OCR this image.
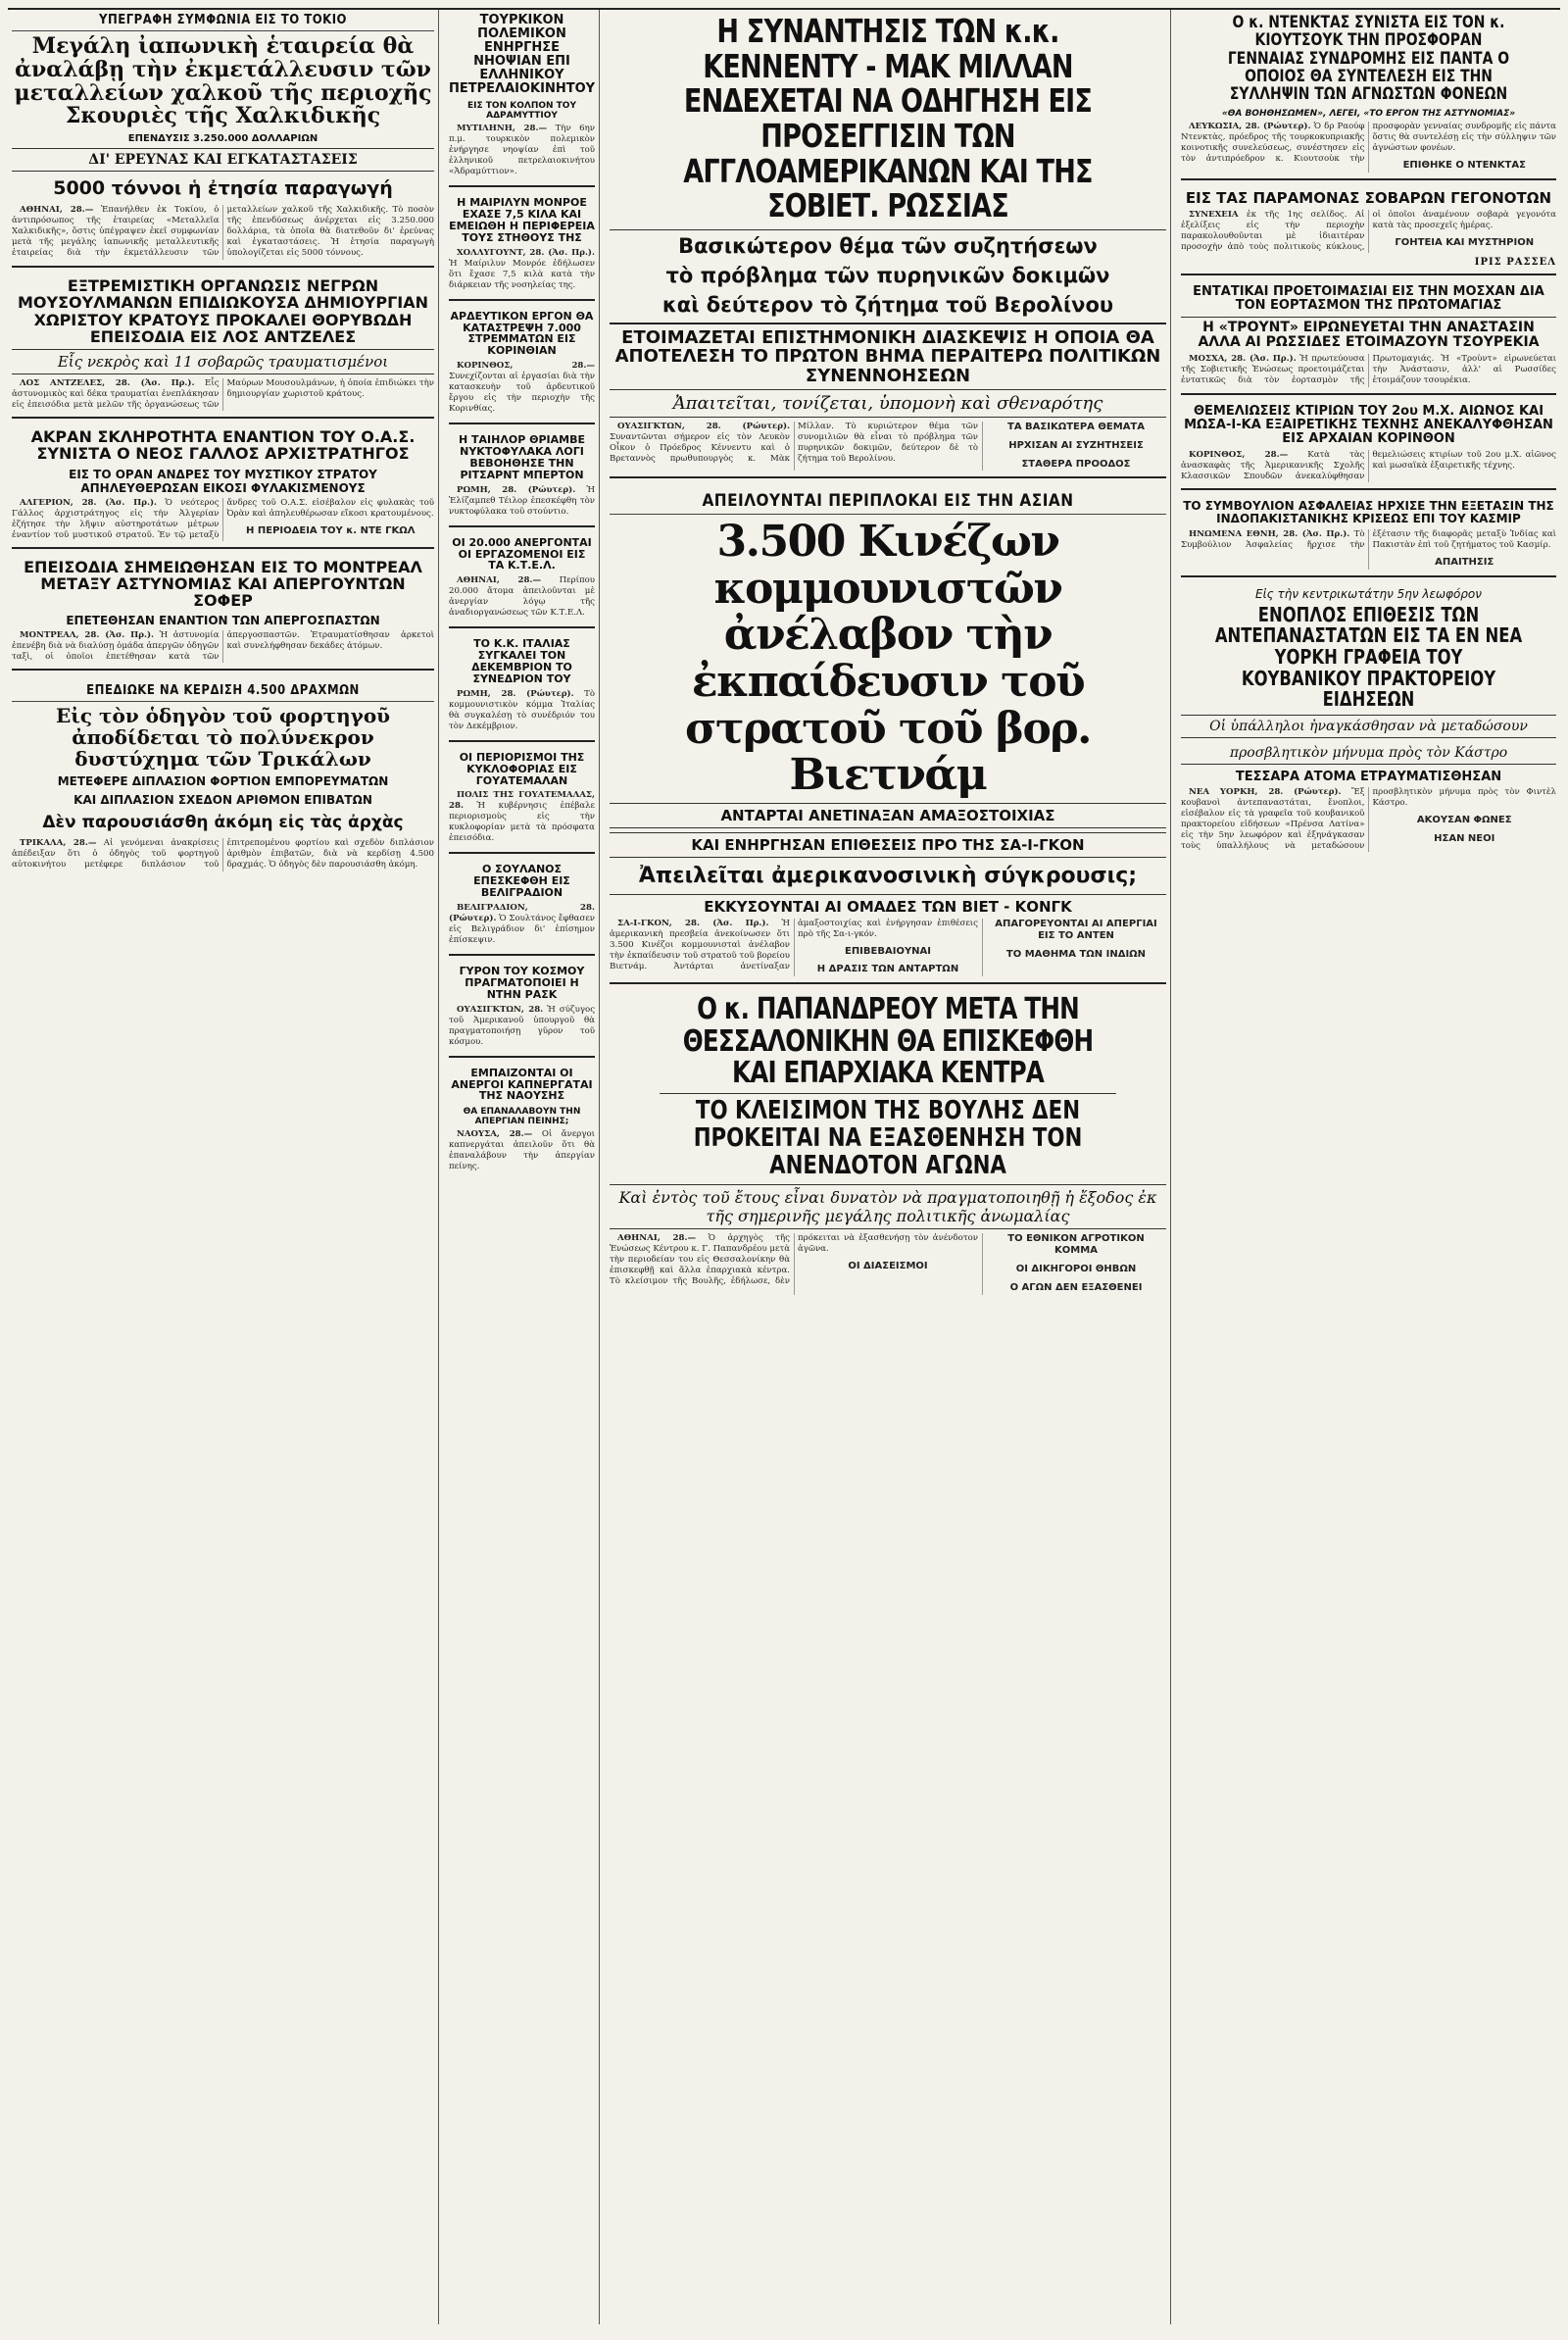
ΥΠΕΓΡΑΦΗ ΣΥΜΦΩΝΙΑ ΕΙΣ ΤΟ ΤΟΚΙΟ
Μεγάλη ἰαπωνικὴ ἑταιρεία θὰ ἀναλάβῃ τὴν ἐκμετάλλευσιν τῶν μεταλλείων χαλκοῦ τῆς περιοχῆς Σκουριὲς τῆς Χαλκιδικῆς
ΕΠΕΝΔΥΣΙΣ 3.250.000 ΔΟΛΛΑΡΙΩΝ
ΔΙ' ΕΡΕΥΝΑΣ ΚΑΙ ΕΓΚΑΤΑΣΤΑΣΕΙΣ
5000 τόννοι ἡ ἐτησία παραγωγή

ΑΘΗΝΑΙ, 28.— Ἐπανήλθεν ἐκ Τοκίου, ὁ ἀντιπρόσωπος τῆς ἑταιρείας «Μεταλλεῖα Χαλκιδικῆς», ὅστις ὑπέγραψεν ἐκεῖ συμφωνίαν μετὰ τῆς μεγάλης ἰαπωνικῆς μεταλλευτικῆς ἑταιρείας διὰ τὴν ἐκμετάλλευσιν τῶν μεταλλείων χαλκοῦ τῆς Χαλκιδικῆς. Τὸ ποσὸν τῆς ἐπενδύσεως ἀνέρχεται εἰς 3.250.000 δολλάρια, τὰ ὁποῖα θὰ διατεθοῦν δι' ἐρεύνας καὶ ἐγκαταστάσεις. Ἡ ἐτησία παραγωγὴ ὑπολογίζεται εἰς 5000 τόννους.

ΕΞΤΡΕΜΙΣΤΙΚΗ ΟΡΓΑΝΩΣΙΣ ΝΕΓΡΩΝ ΜΟΥΣΟΥΛΜΑΝΩΝ ΕΠΙΔΙΩΚΟΥΣΑ ΔΗΜΙΟΥΡΓΙΑΝ ΧΩΡΙΣΤΟΥ ΚΡΑΤΟΥΣ ΠΡΟΚΑΛΕΙ ΘΟΡΥΒΩΔΗ ΕΠΕΙΣΟΔΙΑ ΕΙΣ ΛΟΣ ΑΝΤΖΕΛΕΣ
Εἷς νεκρὸς καὶ 11 σοβαρῶς τραυματισμένοι

ΛΟΣ ΑΝΤΖΕΛΕΣ, 28. (Ἀσ. Πρ.). Εἷς ἀστυνομικὸς καὶ δέκα τραυματίαι ἐνεπλάκησαν εἰς ἐπεισόδια μετὰ μελῶν τῆς ὀργανώσεως τῶν Μαύρων Μουσουλμάνων, ἡ ὁποία ἐπιδιώκει τὴν δημιουργίαν χωριστοῦ κράτους.

ΑΚΡΑΝ ΣΚΛΗΡΟΤΗΤΑ ΕΝΑΝΤΙΟΝ ΤΟΥ Ο.Α.Σ. ΣΥΝΙΣΤΑ Ο ΝΕΟΣ ΓΑΛΛΟΣ ΑΡΧΙΣΤΡΑΤΗΓΟΣ
ΕΙΣ ΤΟ ΟΡΑΝ ΑΝΔΡΕΣ ΤΟΥ ΜΥΣΤΙΚΟΥ ΣΤΡΑΤΟΥ ΑΠΗΛΕΥΘΕΡΩΣΑΝ ΕΙΚΟΣΙ ΦΥΛΑΚΙΣΜΕΝΟΥΣ

ΑΛΓΕΡΙΟΝ, 28. (Ἀσ. Πρ.). Ὁ νεότερος Γάλλος ἀρχιστράτηγος εἰς τὴν Ἀλγερίαν ἐζήτησε τὴν λῆψιν αὐστηροτάτων μέτρων ἐναντίον τοῦ μυστικοῦ στρατοῦ. Ἐν τῷ μεταξὺ ἄνδρες τοῦ Ο.Α.Σ. εἰσέβαλον εἰς φυλακὰς τοῦ Ὀρὰν καὶ ἀπηλευθέρωσαν εἴκοσι κρατουμένους.

Η ΠΕΡΙΟΔΕΙΑ ΤΟΥ κ. ΝΤΕ ΓΚΩΛ
ΕΠΕΙΣΟΔΙΑ ΣΗΜΕΙΩΘΗΣΑΝ ΕΙΣ ΤΟ ΜΟΝΤΡΕΑΛ ΜΕΤΑΞΥ ΑΣΤΥΝΟΜΙΑΣ ΚΑΙ ΑΠΕΡΓΟΥΝΤΩΝ ΣΟΦΕΡ
ΕΠΕΤΕΘΗΣΑΝ ΕΝΑΝΤΙΟΝ ΤΩΝ ΑΠΕΡΓΟΣΠΑΣΤΩΝ

ΜΟΝΤΡΕΑΛ, 28. (Ἀσ. Πρ.). Ἡ ἀστυνομία ἐπενέβη διὰ νὰ διαλύσῃ ὁμάδα ἀπεργῶν ὁδηγῶν ταξὶ, οἱ ὁποῖοι ἐπετέθησαν κατὰ τῶν ἀπεργοσπαστῶν. Ἐτραυματίσθησαν ἀρκετοὶ καὶ συνελήφθησαν δεκάδες ἀτόμων.

ΕΠΕΔΙΩΚΕ ΝΑ ΚΕΡΔΙΣΗ 4.500 ΔΡΑΧΜΩΝ
Εἰς τὸν ὁδηγὸν τοῦ φορτηγοῦ ἀποδίδεται τὸ πολύνεκρον δυστύχημα τῶν Τρικάλων
ΜΕΤΕΦΕΡΕ ΔΙΠΛΑΣΙΟΝ ΦΟΡΤΙΟΝ ΕΜΠΟΡΕΥΜΑΤΩΝ
ΚΑΙ ΔΙΠΛΑΣΙΟΝ ΣΧΕΔΟΝ ΑΡΙΘΜΟΝ ΕΠΙΒΑΤΩΝ
Δὲν παρουσιάσθη ἀκόμη εἰς τὰς ἀρχὰς

ΤΡΙΚΑΛΑ, 28.— Αἱ γενόμεναι ἀνακρίσεις ἀπέδειξαν ὅτι ὁ ὁδηγὸς τοῦ φορτηγοῦ αὐτοκινήτου μετέφερε διπλάσιον τοῦ ἐπιτρεπομένου φορτίου καὶ σχεδὸν διπλάσιον ἀριθμὸν ἐπιβατῶν, διὰ νὰ κερδίσῃ 4.500 δραχμάς. Ὁ ὁδηγὸς δὲν παρουσιάσθη ἀκόμη.

ΤΟΥΡΚΙΚΟΝ ΠΟΛΕΜΙΚΟΝ ΕΝΗΡΓΗΣΕ ΝΗΟΨΙΑΝ ΕΠΙ ΕΛΛΗΝΙΚΟΥ ΠΕΤΡΕΛΑΙΟΚΙΝΗΤΟΥ
ΕΙΣ ΤΟΝ ΚΟΛΠΟΝ ΤΟΥ ΑΔΡΑΜΥΤΤΙΟΥ

ΜΥΤΙΛΗΝΗ, 28.— Τὴν 6ην π.μ. τουρκικὸν πολεμικὸν ἐνήργησε νηοψίαν ἐπὶ τοῦ ἑλληνικοῦ πετρελαιοκινήτου «Ἀδραμύττιον».

Η ΜΑΙΡΙΛΥΝ ΜΟΝΡΟΕ ΕΧΑΣΕ 7,5 ΚΙΛΑ ΚΑΙ ΕΜΕΙΩΘΗ Η ΠΕΡΙΦΕΡΕΙΑ ΤΟΥΣ ΣΤΗΘΟΥΣ ΤΗΣ

ΧΟΛΛΥΓΟΥΝΤ, 28. (Ἀσ. Πρ.). Ἡ Μαίριλυν Μονρόε ἐδήλωσεν ὅτι ἔχασε 7,5 κιλὰ κατὰ τὴν διάρκειαν τῆς νοσηλείας της.

ΑΡΔΕΥΤΙΚΟΝ ΕΡΓΟΝ ΘΑ ΚΑΤΑΣΤΡΕΨΗ 7.000 ΣΤΡΕΜΜΑΤΩΝ ΕΙΣ ΚΟΡΙΝΘΙΑΝ

ΚΟΡΙΝΘΟΣ, 28.— Συνεχίζονται αἱ ἐργασίαι διὰ τὴν κατασκευὴν τοῦ ἀρδευτικοῦ ἔργου εἰς τὴν περιοχὴν τῆς Κορινθίας.

Η ΤΑΙΗΛΟΡ ΘΡΙΑΜΒΕ ΝΥΚΤΟΦΥΛΑΚΑ ΛΟΓΙ ΒΕΒΟΗΘΗΣΕ ΤΗΝ ΡΙΤΣΑΡΝΤ ΜΠΕΡΤΟΝ

ΡΩΜΗ, 28. (Ρώυτερ). Ἡ Ἐλίζαμπεθ Τέιλορ ἐπεσκέφθη τὸν νυκτοφύλακα τοῦ στούντιο.

ΟΙ 20.000 ΑΝΕΡΓΟΝΤΑΙ ΟΙ ΕΡΓΑΖΟΜΕΝΟΙ ΕΙΣ ΤΑ Κ.Τ.Ε.Λ.

ΑΘΗΝΑΙ, 28.— Περίπου 20.000 ἄτομα ἀπειλοῦνται μὲ ἀνεργίαν λόγῳ τῆς ἀναδιοργανώσεως τῶν Κ.Τ.Ε.Λ.

ΤΟ Κ.Κ. ΙΤΑΛΙΑΣ ΣΥΓΚΑΛΕΙ ΤΟΝ ΔΕΚΕΜΒΡΙΟΝ ΤΟ ΣΥΝΕΔΡΙΟΝ ΤΟΥ

ΡΩΜΗ, 28. (Ρώυτερ). Τὸ κομμουνιστικὸν κόμμα Ἰταλίας θὰ συγκαλέσῃ τὸ συνέδριόν του τὸν Δεκέμβριον.

ΟΙ ΠΕΡΙΟΡΙΣΜΟΙ ΤΗΣ ΚΥΚΛΟΦΟΡΙΑΣ ΕΙΣ ΓΟΥΑΤΕΜΑΛΑΝ

ΠΟΛΙΣ ΤΗΣ ΓΟΥΑΤΕΜΑΛΑΣ, 28. Ἡ κυβέρνησις ἐπέβαλε περιορισμοὺς εἰς τὴν κυκλοφορίαν μετὰ τὰ πρόσφατα ἐπεισόδια.

Ο ΣΟΥΛΑΝΟΣ ΕΠΕΣΚΕΦΘΗ ΕΙΣ ΒΕΛΙΓΡΑΔΙΟΝ

ΒΕΛΙΓΡΑΔΙΟΝ, 28. (Ρώυτερ). Ὁ Σουλτάνος ἔφθασεν εἰς Βελιγράδιον δι' ἐπίσημον ἐπίσκεψιν.

ΓΥΡΟΝ ΤΟΥ ΚΟΣΜΟΥ ΠΡΑΓΜΑΤΟΠΟΙΕΙ Η ΝΤΗΝ ΡΑΣΚ

ΟΥΑΣΙΓΚΤΩΝ, 28. Ἡ σύζυγος τοῦ Ἀμερικανοῦ ὑπουργοῦ θὰ πραγματοποιήσῃ γῦρον τοῦ κόσμου.

ΕΜΠΑΙΖΟΝΤΑΙ ΟΙ ΑΝΕΡΓΟΙ ΚΑΠΝΕΡΓΑΤΑΙ ΤΗΣ ΝΑΟΥΣΗΣ
ΘΑ ΕΠΑΝΑΛΑΒΟΥΝ ΤΗΝ ΑΠΕΡΓΙΑΝ ΠΕΙΝΗΣ;

ΝΑΟΥΣΑ, 28.— Οἱ ἄνεργοι καπνεργάται ἀπειλοῦν ὅτι θὰ ἐπαναλάβουν τὴν ἀπεργίαν πείνης.

Η ΣΥΝΑΝΤΗΣΙΣ ΤΩΝ κ.κ. ΚΕΝΝΕΝΤΥ - ΜΑΚ ΜΙΛΛΑΝ ΕΝΔΕΧΕΤΑΙ ΝΑ ΟΔΗΓΗΣΗ ΕΙΣ ΠΡΟΣΕΓΓΙΣΙΝ ΤΩΝ ΑΓΓΛΟΑΜΕΡΙΚΑΝΩΝ ΚΑΙ ΤΗΣ ΣΟΒΙΕΤ. ΡΩΣΣΙΑΣ
Βασικώτερον θέμα τῶν συζητήσεων
τὸ πρόβλημα τῶν πυρηνικῶν δοκιμῶν
καὶ δεύτερον τὸ ζήτημα τοῦ Βερολίνου
ΕΤΟΙΜΑΖΕΤΑΙ ΕΠΙΣΤΗΜΟΝΙΚΗ ΔΙΑΣΚΕΨΙΣ Η ΟΠΟΙΑ ΘΑ ΑΠΟΤΕΛΕΣΗ ΤΟ ΠΡΩΤΟΝ ΒΗΜΑ ΠΕΡΑΙΤΕΡΩ ΠΟΛΙΤΙΚΩΝ ΣΥΝΕΝΝΟΗΣΕΩΝ
Ἀπαιτεῖται, τονίζεται, ὑπομονὴ καὶ σθεναρότης

ΟΥΑΣΙΓΚΤΩΝ, 28. (Ρώυτερ). Συναντῶνται σήμερον εἰς τὸν Λευκὸν Οἶκον ὁ Πρόεδρος Κέννεντυ καὶ ὁ Βρεταννὸς πρωθυπουργὸς κ. Μὰκ Μίλλαν. Τὸ κυριώτερον θέμα τῶν συνομιλιῶν θὰ εἶναι τὸ πρόβλημα τῶν πυρηνικῶν δοκιμῶν, δεύτερον δὲ τὸ ζήτημα τοῦ Βερολίνου.

ΤΑ ΒΑΣΙΚΩΤΕΡΑ ΘΕΜΑΤΑ
ΗΡΧΙΣΑΝ ΑΙ ΣΥΖΗΤΗΣΕΙΣ
ΣΤΑΘΕΡΑ ΠΡΟΟΔΟΣ
ΑΠΕΙΛΟΥΝΤΑΙ ΠΕΡΙΠΛΟΚΑΙ ΕΙΣ ΤΗΝ ΑΣΙΑΝ
3.500 Κινέζων κομμουνιστῶν ἀνέλαβον τὴν ἐκπαίδευσιν τοῦ στρατοῦ τοῦ βορ. Βιετνάμ
ΑΝΤΑΡΤΑΙ ΑΝΕΤΙΝΑΞΑΝ ΑΜΑΞΟΣΤΟΙΧΙΑΣ
ΚΑΙ ΕΝΗΡΓΗΣΑΝ ΕΠΙΘΕΣΕΙΣ ΠΡΟ ΤΗΣ ΣΑ-Ι-ΓΚΟΝ
Ἀπειλεῖται ἀμερικανοσινικὴ σύγκρουσις;
ΕΚΚΥΣΟΥΝΤΑΙ ΑΙ ΟΜΑΔΕΣ ΤΩΝ ΒΙΕΤ - ΚΟΝΓΚ

ΣΑ-Ι-ΓΚΟΝ, 28. (Ἀσ. Πρ.). Ἡ ἀμερικανικὴ πρεσβεία ἀνεκοίνωσεν ὅτι 3.500 Κινέζοι κομμουνισταὶ ἀνέλαβον τὴν ἐκπαίδευσιν τοῦ στρατοῦ τοῦ βορείου Βιετνάμ. Ἀντάρται ἀνετίναξαν ἀμαξοστοιχίας καὶ ἐνήργησαν ἐπιθέσεις πρὸ τῆς Σα-ι-γκόν.

ΕΠΙΒΕΒΑΙΟΥΝΑΙ
Η ΔΡΑΣΙΣ ΤΩΝ ΑΝΤΑΡΤΩΝ
ΑΠΑΓΟΡΕΥΟΝΤΑΙ ΑΙ ΑΠΕΡΓΙΑΙ ΕΙΣ ΤΟ ΑΝΤΕΝ
ΤΟ ΜΑΘΗΜΑ ΤΩΝ ΙΝΔΙΩΝ
Ο κ. ΠΑΠΑΝΔΡΕΟΥ ΜΕΤΑ ΤΗΝ ΘΕΣΣΑΛΟΝΙΚΗΝ ΘΑ ΕΠΙΣΚΕΦΘΗ ΚΑΙ ΕΠΑΡΧΙΑΚΑ ΚΕΝΤΡΑ
ΤΟ ΚΛΕΙΣΙΜΟΝ ΤΗΣ ΒΟΥΛΗΣ ΔΕΝ ΠΡΟΚΕΙΤΑΙ ΝΑ ΕΞΑΣΘΕΝΗΣΗ ΤΟΝ ΑΝΕΝΔΟΤΟΝ ΑΓΩΝΑ
Καὶ ἐντὸς τοῦ ἔτους εἶναι δυνατὸν νὰ πραγματοποιηθῇ ἡ ἔξοδος ἐκ τῆς σημερινῆς μεγάλης πολιτικῆς ἀνωμαλίας

ΑΘΗΝΑΙ, 28.— Ὁ ἀρχηγὸς τῆς Ἑνώσεως Κέντρου κ. Γ. Παπανδρέου μετὰ τὴν περιοδείαν του εἰς Θεσσαλονίκην θὰ ἐπισκεφθῇ καὶ ἄλλα ἐπαρχιακὰ κέντρα. Τὸ κλείσιμον τῆς Βουλῆς, ἐδήλωσε, δὲν πρόκειται νὰ ἐξασθενήσῃ τὸν ἀνένδοτον ἀγῶνα.

ΟΙ ΔΙΑΣΕΙΣΜΟΙ
ΤΟ ΕΘΝΙΚΟΝ ΑΓΡΟΤΙΚΟΝ ΚΟΜΜΑ
ΟΙ ΔΙΚΗΓΟΡΟΙ ΘΗΒΩΝ
Ο ΑΓΩΝ ΔΕΝ ΕΞΑΣΘΕΝΕΙ
Ο κ. ΝΤΕΝΚΤΑΣ ΣΥΝΙΣΤΑ ΕΙΣ ΤΟΝ κ. ΚΙΟΥΤΣΟΥΚ ΤΗΝ ΠΡΟΣΦΟΡΑΝ ΓΕΝΝΑΙΑΣ ΣΥΝΔΡΟΜΗΣ ΕΙΣ ΠΑΝΤΑ Ο ΟΠΟΙΟΣ ΘΑ ΣΥΝΤΕΛΕΣΗ ΕΙΣ ΤΗΝ ΣΥΛΛΗΨΙΝ ΤΩΝ ΑΓΝΩΣΤΩΝ ΦΟΝΕΩΝ
«ΘΑ ΒΟΗΘΗΣΩΜΕΝ», ΛΕΓΕΙ, «ΤΟ ΕΡΓΟΝ ΤΗΣ ΑΣΤΥΝΟΜΙΑΣ»

ΛΕΥΚΩΣΙΑ, 28. (Ρώυτερ). Ὁ δρ Ραούφ Ντενκτὰς, πρόεδρος τῆς τουρκοκυπριακῆς κοινοτικῆς συνελεύσεως, συνέστησεν εἰς τὸν ἀντιπρόεδρον κ. Κιουτσοὺκ τὴν προσφορὰν γενναίας συνδρομῆς εἰς πάντα ὅστις θὰ συντελέσῃ εἰς τὴν σύλληψιν τῶν ἀγνώστων φονέων.

ΕΠΙΘΗΚΕ Ο ΝΤΕΝΚΤΑΣ
ΕΙΣ ΤΑΣ ΠΑΡΑΜΟΝΑΣ ΣΟΒΑΡΩΝ ΓΕΓΟΝΟΤΩΝ

ΣΥΝΕΧΕΙΑ ἐκ τῆς 1ης σελίδος. Αἱ ἐξελίξεις εἰς τὴν περιοχὴν παρακολουθοῦνται μὲ ἰδιαιτέραν προσοχὴν ἀπὸ τοὺς πολιτικοὺς κύκλους, οἱ ὁποῖοι ἀναμένουν σοβαρὰ γεγονότα κατὰ τὰς προσεχεῖς ἡμέρας.

ΓΟΗΤΕΙΑ ΚΑΙ ΜΥΣΤΗΡΙΟΝ
ΙΡΙΣ ΡΑΣΣΕΛ
ΕΝΤΑΤΙΚΑΙ ΠΡΟΕΤΟΙΜΑΣΙΑΙ ΕΙΣ ΤΗΝ ΜΟΣΧΑΝ ΔΙΑ ΤΟΝ ΕΟΡΤΑΣΜΟΝ ΤΗΣ ΠΡΩΤΟΜΑΓΙΑΣ
Η «ΤΡΟΥΝΤ» ΕΙΡΩΝΕΥΕΤΑΙ ΤΗΝ ΑΝΑΣΤΑΣΙΝ ΑΛΛΑ ΑΙ ΡΩΣΣΙΔΕΣ ΕΤΟΙΜΑΖΟΥΝ ΤΣΟΥΡΕΚΙΑ

ΜΟΣΧΑ, 28. (Ἀσ. Πρ.). Ἡ πρωτεύουσα τῆς Σοβιετικῆς Ἑνώσεως προετοιμάζεται ἐντατικῶς διὰ τὸν ἑορτασμὸν τῆς Πρωτομαγιάς. Ἡ «Τροὺντ» εἰρωνεύεται τὴν Ἀνάστασιν, ἀλλ' αἱ Ρωσσίδες ἑτοιμάζουν τσουρέκια.

ΘΕΜΕΛΙΩΣΕΙΣ ΚΤΙΡΙΩΝ ΤΟΥ 2ου Μ.Χ. ΑΙΩΝΟΣ ΚΑΙ ΜΩΣΑ-Ι-ΚΑ ΕΞΑΙΡΕΤΙΚΗΣ ΤΕΧΝΗΣ ΑΝΕΚΑΛΥΦΘΗΣΑΝ ΕΙΣ ΑΡΧΑΙΑΝ ΚΟΡΙΝΘΟΝ

ΚΟΡΙΝΘΟΣ, 28.— Κατὰ τὰς ἀνασκαφὰς τῆς Ἀμερικανικῆς Σχολῆς Κλασσικῶν Σπουδῶν ἀνεκαλύφθησαν θεμελιώσεις κτιρίων τοῦ 2ου μ.Χ. αἰῶνος καὶ μωσαϊκὰ ἐξαιρετικῆς τέχνης.

ΤΟ ΣΥΜΒΟΥΛΙΟΝ ΑΣΦΑΛΕΙΑΣ ΗΡΧΙΣΕ ΤΗΝ ΕΞΕΤΑΣΙΝ ΤΗΣ ΙΝΔΟΠΑΚΙΣΤΑΝΙΚΗΣ ΚΡΙΣΕΩΣ ΕΠΙ ΤΟΥ ΚΑΣΜΙΡ

ΗΝΩΜΕΝΑ ΕΘΝΗ, 28. (Ἀσ. Πρ.). Τὸ Συμβούλιον Ἀσφαλείας ἤρχισε τὴν ἐξέτασιν τῆς διαφορᾶς μεταξὺ Ἰνδίας καὶ Πακιστὰν ἐπὶ τοῦ ζητήματος τοῦ Κασμίρ.

ΑΠΑΙΤΗΣΙΣ
Εἰς τὴν κεντρικωτάτην 5ην λεωφόρον
ΕΝΟΠΛΟΣ ΕΠΙΘΕΣΙΣ ΤΩΝ ΑΝΤΕΠΑΝΑΣΤΑΤΩΝ ΕΙΣ ΤΑ ΕΝ ΝΕΑ ΥΟΡΚΗ ΓΡΑΦΕΙΑ ΤΟΥ ΚΟΥΒΑΝΙΚΟΥ ΠΡΑΚΤΟΡΕΙΟΥ ΕΙΔΗΣΕΩΝ
Οἱ ὑπάλληλοι ἠναγκάσθησαν νὰ μεταδώσουν
προσβλητικὸν μήνυμα πρὸς τὸν Κάστρο
ΤΕΣΣΑΡΑ ΑΤΟΜΑ ΕΤΡΑΥΜΑΤΙΣΘΗΣΑΝ

ΝΕΑ ΥΟΡΚΗ, 28. (Ρώυτερ). Ἔξ κουβανοὶ ἀντεπαναστάται, ἔνοπλοι, εἰσέβαλον εἰς τὰ γραφεῖα τοῦ κουβανικοῦ πρακτορείου εἰδήσεων «Πρένσα Λατίνα» εἰς τὴν 5ην λεωφόρον καὶ ἐξηνάγκασαν τοὺς ὑπαλλήλους νὰ μεταδώσουν προσβλητικὸν μήνυμα πρὸς τὸν Φιντὲλ Κάστρο.

ΑΚΟΥΣΑΝ ΦΩΝΕΣ
ΗΣΑΝ ΝΕΟΙ
